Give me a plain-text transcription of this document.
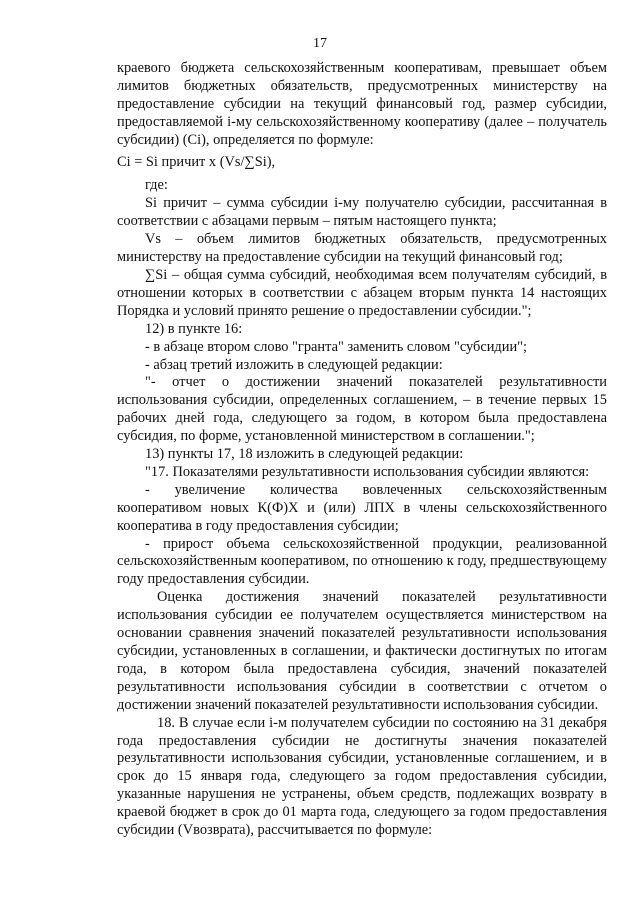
17

краевого бюджета сельскохозяйственным кооперативам, превышает объем лимитов бюджетных обязательств, предусмотренных министерству на предоставление субсидии на текущий финансовый год, размер субсидии, предоставляемой i-му сельскохозяйственному кооперативу (далее – получатель субсидии) (Ci), определяется по формуле:

Ci = Si причит х (Vs/∑Si),

где:

Si причит – сумма субсидии i-му получателю субсидии, рассчитанная в соответствии с абзацами первым – пятым настоящего пункта;

Vs – объем лимитов бюджетных обязательств, предусмотренных министерству на предоставление субсидии на текущий финансовый год;

∑Si – общая сумма субсидий, необходимая всем получателям субсидий, в отношении которых в соответствии с абзацем вторым пункта 14 настоящих Порядка и условий принято решение о предоставлении субсидии.";

12) в пункте 16:

- в абзаце втором слово "гранта" заменить словом "субсидии";

- абзац третий изложить в следующей редакции:

"- отчет о достижении значений показателей результативности использования субсидии, определенных соглашением, – в течение первых 15 рабочих дней года, следующего за годом, в котором была предоставлена субсидия, по форме, установленной министерством в соглашении.";

13) пункты 17, 18 изложить в следующей редакции:

"17. Показателями результативности использования субсидии являются:

- увеличение количества вовлеченных сельскохозяйственным кооперативом новых К(Ф)Х и (или) ЛПХ в члены сельскохозяйственного кооператива в году предоставления субсидии;

- прирост объема сельскохозяйственной продукции, реализованной сельскохозяйственным кооперативом, по отношению к году, предшествующему году предоставления субсидии.

Оценка достижения значений показателей результативности использования субсидии ее получателем осуществляется министерством на основании сравнения значений показателей результативности использования субсидии, установленных в соглашении, и фактически достигнутых по итогам года, в котором была предоставлена субсидия, значений показателей результативности использования субсидии в соответствии с отчетом о достижении значений показателей результативности использования субсидии.

18. В случае если i-м получателем субсидии по состоянию на 31 декабря года предоставления субсидии не достигнуты значения показателей результативности использования субсидии, установленные соглашением, и в срок до 15 января года, следующего за годом предоставления субсидии, указанные нарушения не устранены, объем средств, подлежащих возврату в краевой бюджет в срок до 01 марта года, следующего за годом предоставления субсидии (Vвозврата), рассчитывается по формуле:
